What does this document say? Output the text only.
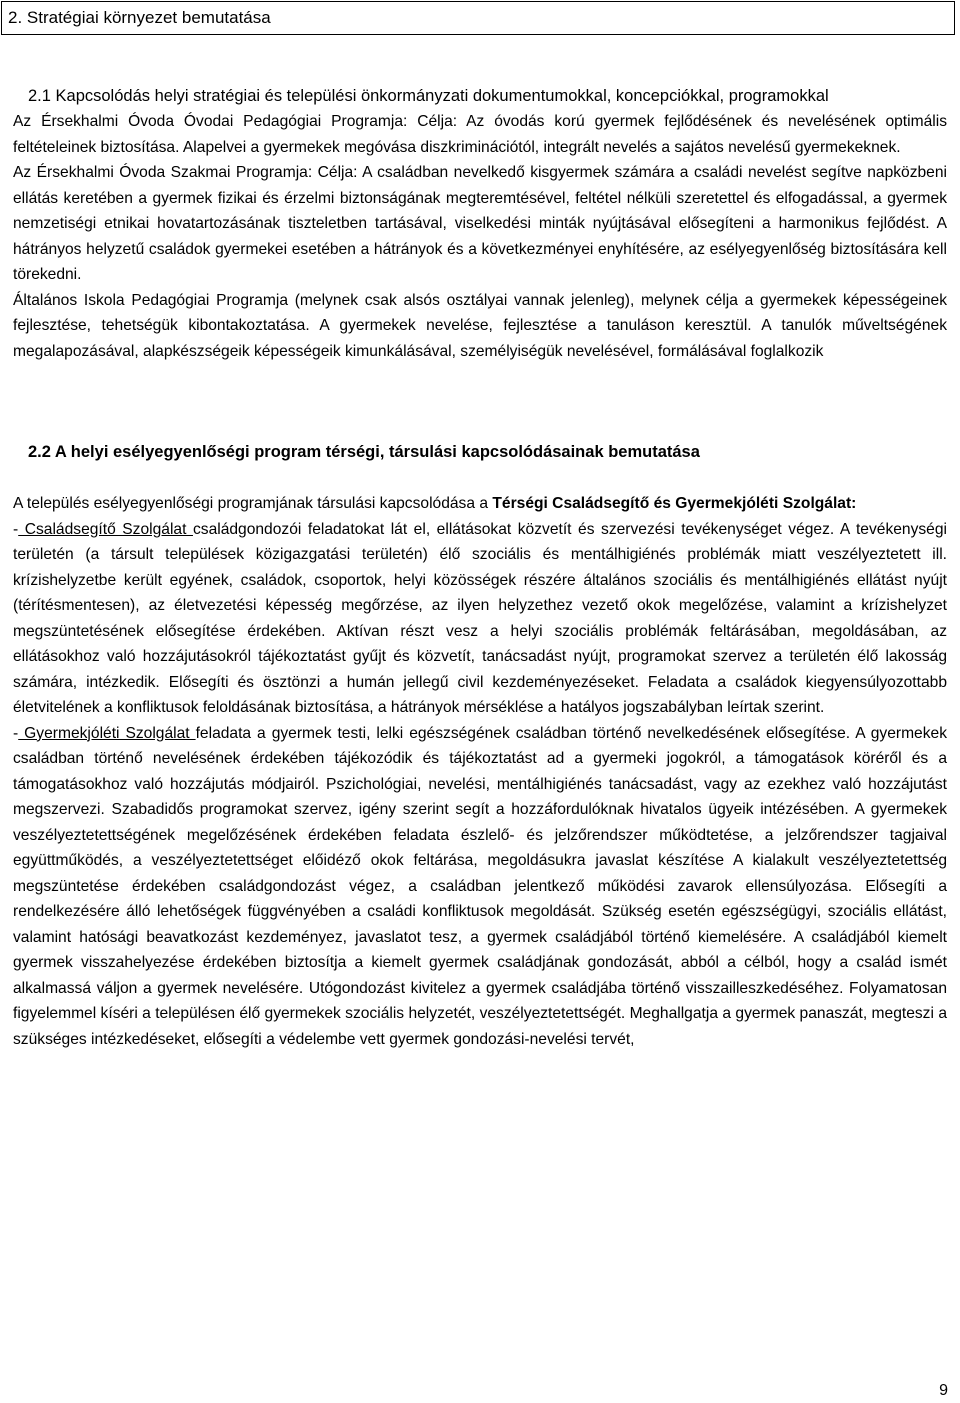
2. Stratégiai környezet bemutatása
2.1 Kapcsolódás helyi stratégiai és települési önkormányzati dokumentumokkal, koncepciókkal, programokkal

Az Érsekhalmi Óvoda Óvodai Pedagógiai Programja: Célja: Az óvodás korú gyermek fejlődésének és nevelésének optimális feltételeinek biztosítása. Alapelvei a gyermekek megóvása diszkriminációtól, integrált nevelés a sajátos nevelésű gyermekeknek.

Az Érsekhalmi Óvoda Szakmai Programja: Célja: A családban nevelkedő kisgyermek számára a családi nevelést segítve napközbeni ellátás keretében a gyermek fizikai és érzelmi biztonságának megteremtésével, feltétel nélküli szeretettel és elfogadással, a gyermek nemzetiségi etnikai hovatartozásának tiszteletben tartásával, viselkedési minták nyújtásával elősegíteni a harmonikus fejlődést. A hátrányos helyzetű családok gyermekei esetében a hátrányok és a következményei enyhítésére, az esélyegyenlőség biztosítására kell törekedni.

Általános Iskola Pedagógiai Programja (melynek csak alsós osztályai vannak jelenleg), melynek célja a gyermekek képességeinek fejlesztése, tehetségük kibontakoztatása. A gyermekek nevelése, fejlesztése a tanuláson keresztül. A tanulók műveltségének megalapozásával, alapkészségeik képességeik kimunkálásával, személyiségük nevelésével, formálásával foglalkozik

2.2 A helyi esélyegyenlőségi program térségi, társulási kapcsolódásainak bemutatása

A település esélyegyenlőségi programjának társulási kapcsolódása a Térségi Családsegítő és Gyermekjóléti Szolgálat:

- Családsegítő Szolgálat családgondozói feladatokat lát el, ellátásokat közvetít és szervezési tevékenységet végez. A tevékenységi területén (a társult települések közigazgatási területén) élő szociális és mentálhigiénés problémák miatt veszélyeztetett ill. krízishelyzetbe került egyének, családok, csoportok, helyi közösségek részére általános szociális és mentálhigiénés ellátást nyújt (térítésmentesen), az életvezetési képesség megőrzése, az ilyen helyzethez vezető okok megelőzése, valamint a krízishelyzet megszüntetésének elősegítése érdekében. Aktívan részt vesz a helyi szociális problémák feltárásában, megoldásában, az ellátásokhoz való hozzájutásokról tájékoztatást gyűjt és közvetít, tanácsadást nyújt, programokat szervez a területén élő lakosság számára, intézkedik. Elősegíti és ösztönzi a humán jellegű civil kezdeményezéseket. Feladata a családok kiegyensúlyozottabb életvitelének a konfliktusok feloldásának biztosítása, a hátrányok mérséklése a hatályos jogszabályban leírtak szerint.

- Gyermekjóléti Szolgálat feladata a gyermek testi, lelki egészségének családban történő nevelkedésének elősegítése. A gyermekek családban történő nevelésének érdekében tájékozódik és tájékoztatást ad a gyermeki jogokról, a támogatások köréről és a támogatásokhoz való hozzájutás módjairól. Pszichológiai, nevelési, mentálhigiénés tanácsadást, vagy az ezekhez való hozzájutást megszervezi. Szabadidős programokat szervez, igény szerint segít a hozzáfordulóknak hivatalos ügyeik intézésében. A gyermekek veszélyeztetettségének megelőzésének érdekében feladata észlelő- és jelzőrendszer működtetése, a jelzőrendszer tagjaival együttműködés, a veszélyeztetettséget előidéző okok feltárása, megoldásukra javaslat készítése A kialakult veszélyeztetettség megszüntetése érdekében családgondozást végez, a családban jelentkező működési zavarok ellensúlyozása. Elősegíti a rendelkezésére álló lehetőségek függvényében a családi konfliktusok megoldását. Szükség esetén egészségügyi, szociális ellátást, valamint hatósági beavatkozást kezdeményez, javaslatot tesz, a gyermek családjából történő kiemelésére. A családjából kiemelt gyermek visszahelyezése érdekében biztosítja a kiemelt gyermek családjának gondozását, abból a célból, hogy a család ismét alkalmassá váljon a gyermek nevelésére. Utógondozást kivitelez a gyermek családjába történő visszailleszkedéséhez. Folyamatosan figyelemmel kíséri a településen élő gyermekek szociális helyzetét, veszélyeztetettségét. Meghallgatja a gyermek panaszát, megteszi a szükséges intézkedéseket, elősegíti a védelembe vett gyermek gondozási-nevelési tervét,

9
